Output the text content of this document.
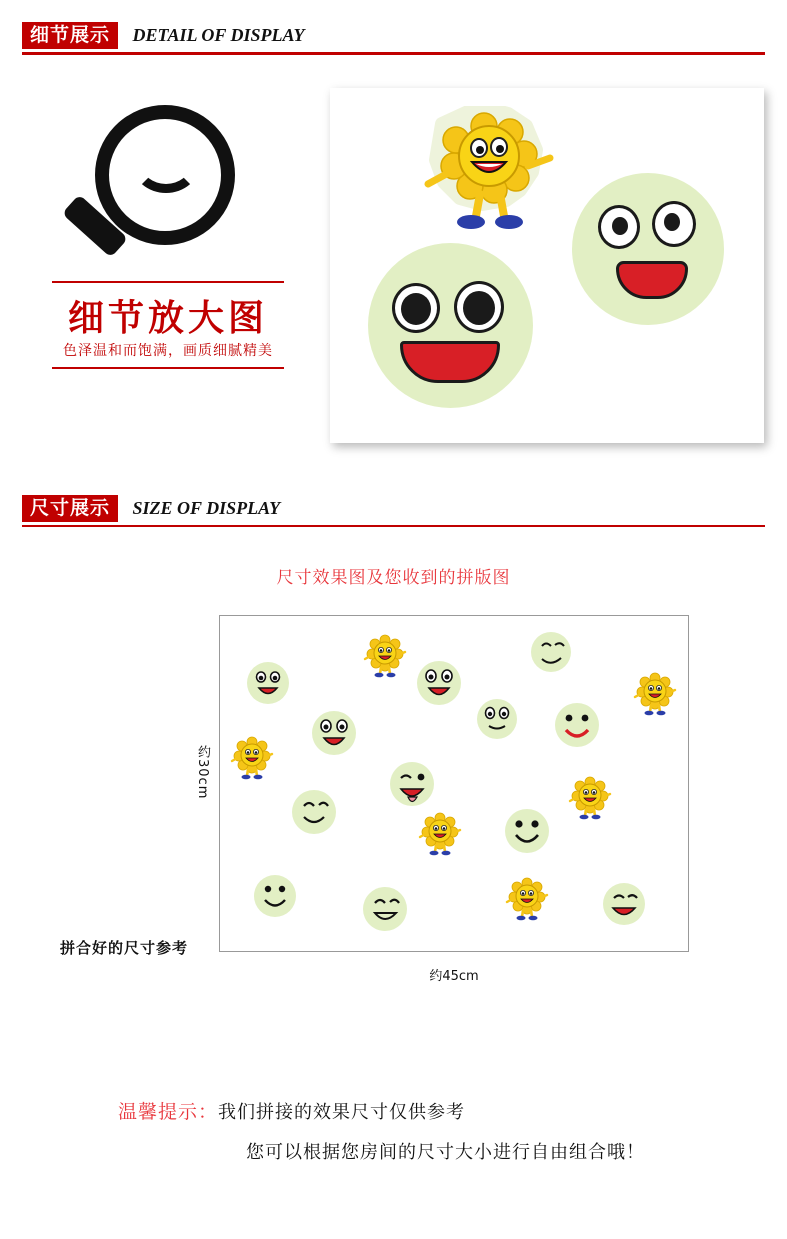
细节展示 DETAIL OF DISPLAY
细节放大图
色泽温和而饱满，画质细腻精美
尺寸展示 SIZE OF DISPLAY
尺寸效果图及您收到的拼版图
约30cm
约45cm
拼合好的尺寸参考
温馨提示：我们拼接的效果尺寸仅供参考
您可以根据您房间的尺寸大小进行自由组合哦！
